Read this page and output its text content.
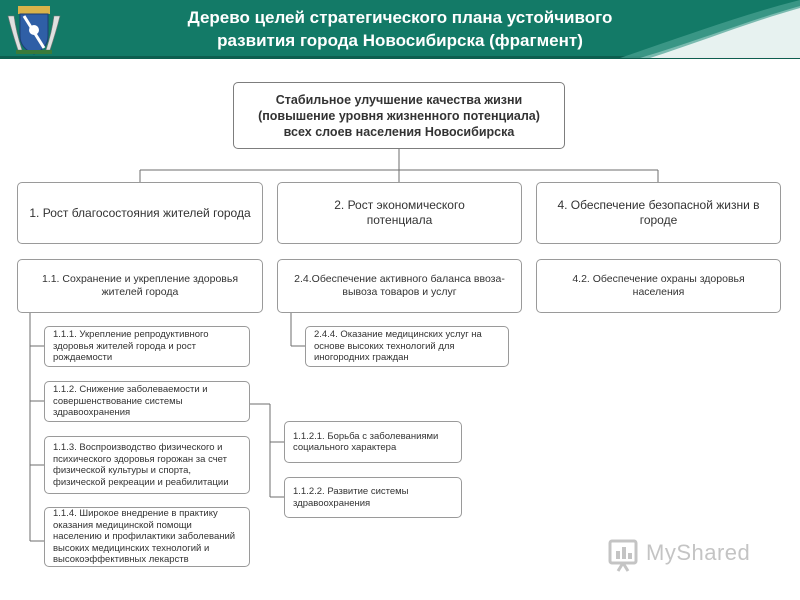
Дерево целей стратегического плана устойчивого
развития города Новосибирска (фрагмент)
Стабильное улучшение качества жизни
(повышение уровня жизненного потенциала)
всех слоев населения Новосибирска
1. Рост благосостояния жителей города
2. Рост экономического потенциала
4. Обеспечение безопасной жизни в городе
1.1. Сохранение и укрепление здоровья жителей города
2.4.Обеспечение активного баланса ввоза-вывоза товаров и услуг
4.2. Обеспечение охраны здоровья населения
1.1.1. Укрепление репродуктивного здоровья жителей города и рост рождаемости
1.1.2. Снижение заболеваемости и совершенствование системы здравоохранения
1.1.3. Воспроизводство физического и психического здоровья горожан за счет физической культуры и спорта, физической рекреации и реабилитации
1.1.4. Широкое внедрение в практику оказания медицинской помощи населению и профилактики заболеваний высоких медицинских технологий и высокоэффективных лекарств
2.4.4. Оказание медицинских услуг на основе высоких технологий для иногородних граждан
1.1.2.1. Борьба с заболеваниями социального характера
1.1.2.2. Развитие системы здравоохранения
MyShared
